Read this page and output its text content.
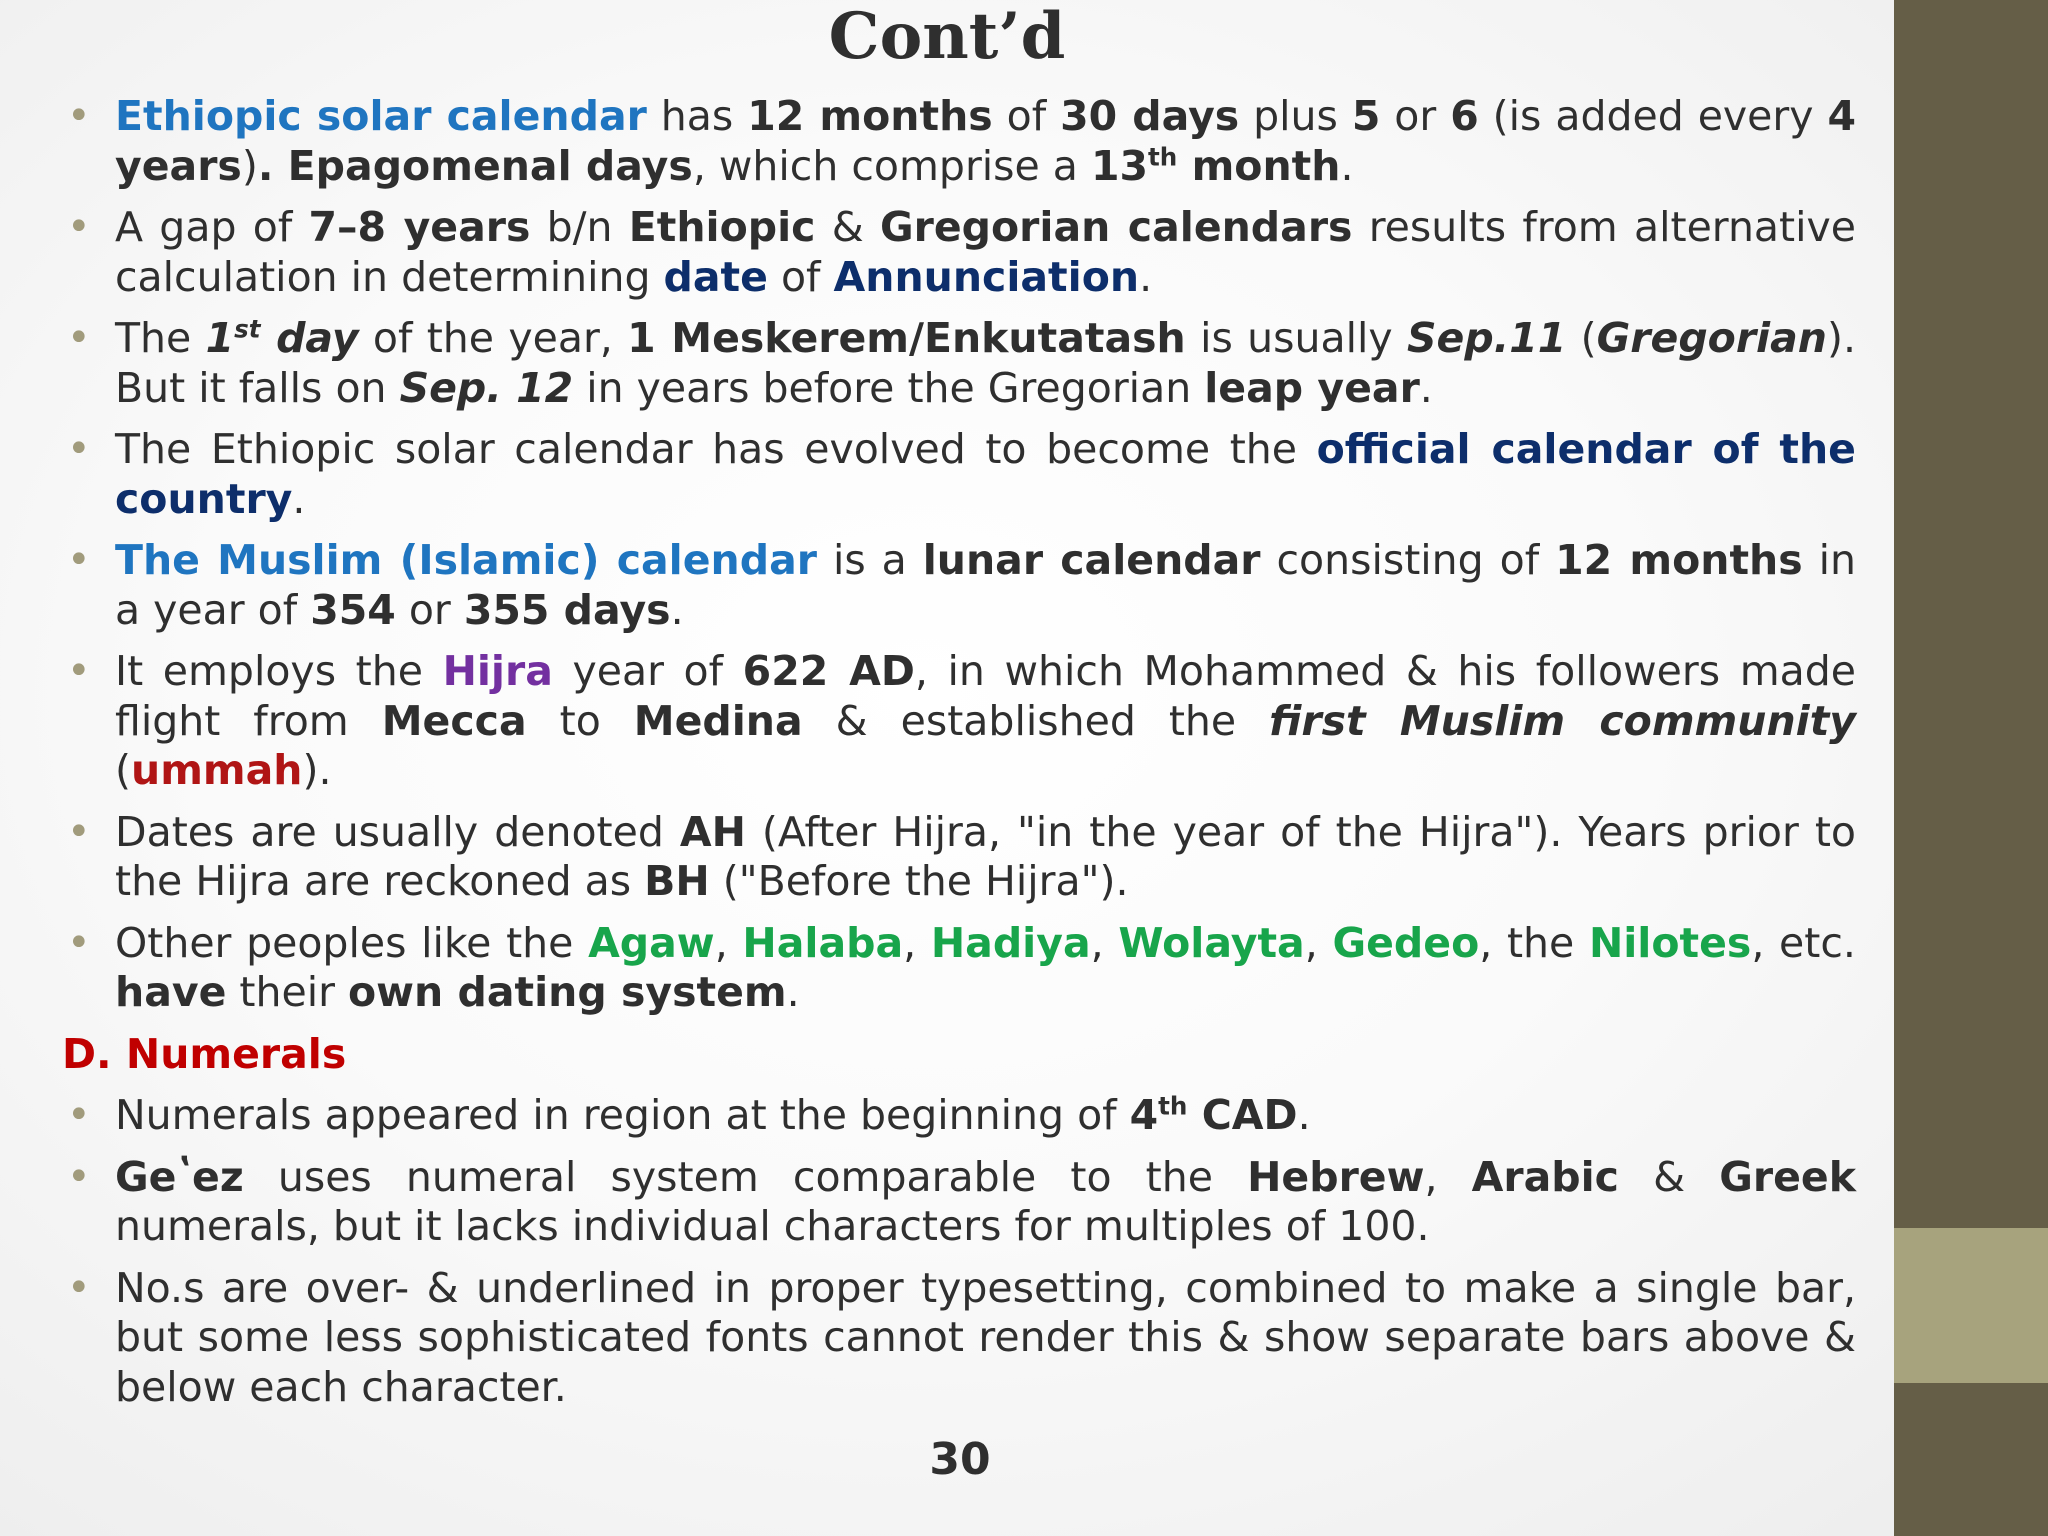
Cont’d
• Ethiopic solar calendar has 12 months of 30 days plus 5 or 6 (is added every 4 years). Epagomenal days, which comprise a 13th month.
• A gap of 7–8 years b/n Ethiopic & Gregorian calendars results from alternative calculation in determining date of Annunciation.
• The 1st day of the year, 1 Meskerem/Enkutatash is usually Sep.11 (Gregorian). But it falls on Sep. 12 in years before the Gregorian leap year.
• The Ethiopic solar calendar has evolved to become the official calendar of the country.
• The Muslim (Islamic) calendar is a lunar calendar consisting of 12 months in a year of 354 or 355 days.
• It employs the Hijra year of 622 AD, in which Mohammed & his followers made flight from Mecca to Medina & established the first Muslim community (ummah).
• Dates are usually denoted AH (After Hijra, "in the year of the Hijra"). Years prior to the Hijra are reckoned as BH ("Before the Hijra").
• Other peoples like the Agaw, Halaba, Hadiya, Wolayta, Gedeo, the Nilotes, etc. have their own dating system.
D. Numerals
• Numerals appeared in region at the beginning of 4th CAD.
• Geʽez uses numeral system comparable to the Hebrew, Arabic & Greek numerals, but it lacks individual characters for multiples of 100.
• No.s are over- & underlined in proper typesetting, combined to make a single bar, but some less sophisticated fonts cannot render this & show separate bars above & below each character.
30
